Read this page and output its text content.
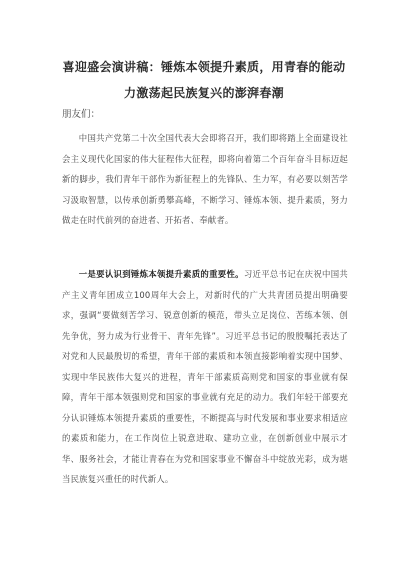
喜迎盛会演讲稿：锤炼本领提升素质，用青春的能动力激荡起民族复兴的澎湃春潮
朋友们：

中国共产党第二十次全国代表大会即将召开，我们即将踏上全面建设社会主义现代化国家的伟大征程伟大征程，即将向着第二个百年奋斗目标迈起新的脚步，我们青年干部作为新征程上的先锋队、生力军，有必要以刻苦学习汲取智慧，以传承创新勇攀高峰，不断学习、锤炼本领、提升素质，努力做走在时代前列的奋进者、开拓者、奉献者。

一是要认识到锤炼本领提升素质的重要性。习近平总书记在庆祝中国共产主义青年团成立100周年大会上，对新时代的广大共青团员提出明确要求，强调“要做刻苦学习、锐意创新的模范，带头立足岗位、苦练本领、创先争优，努力成为行业骨干、青年先锋”。习近平总书记的殷殷嘱托表达了对党和人民最殷切的希望，青年干部的素质和本领直接影响着实现中国梦、实现中华民族伟大复兴的进程，青年干部素质高则党和国家的事业就有保障，青年干部本领强则党和国家的事业就有充足的动力。我们年轻干部要充分认识锤炼本领提升素质的重要性，不断提高与时代发展和事业要求相适应的素质和能力，在工作岗位上锐意进取、建功立业，在创新创业中展示才华、服务社会，才能让青春在为党和国家事业不懈奋斗中绽放光彩，成为堪当民族复兴重任的时代新人。
